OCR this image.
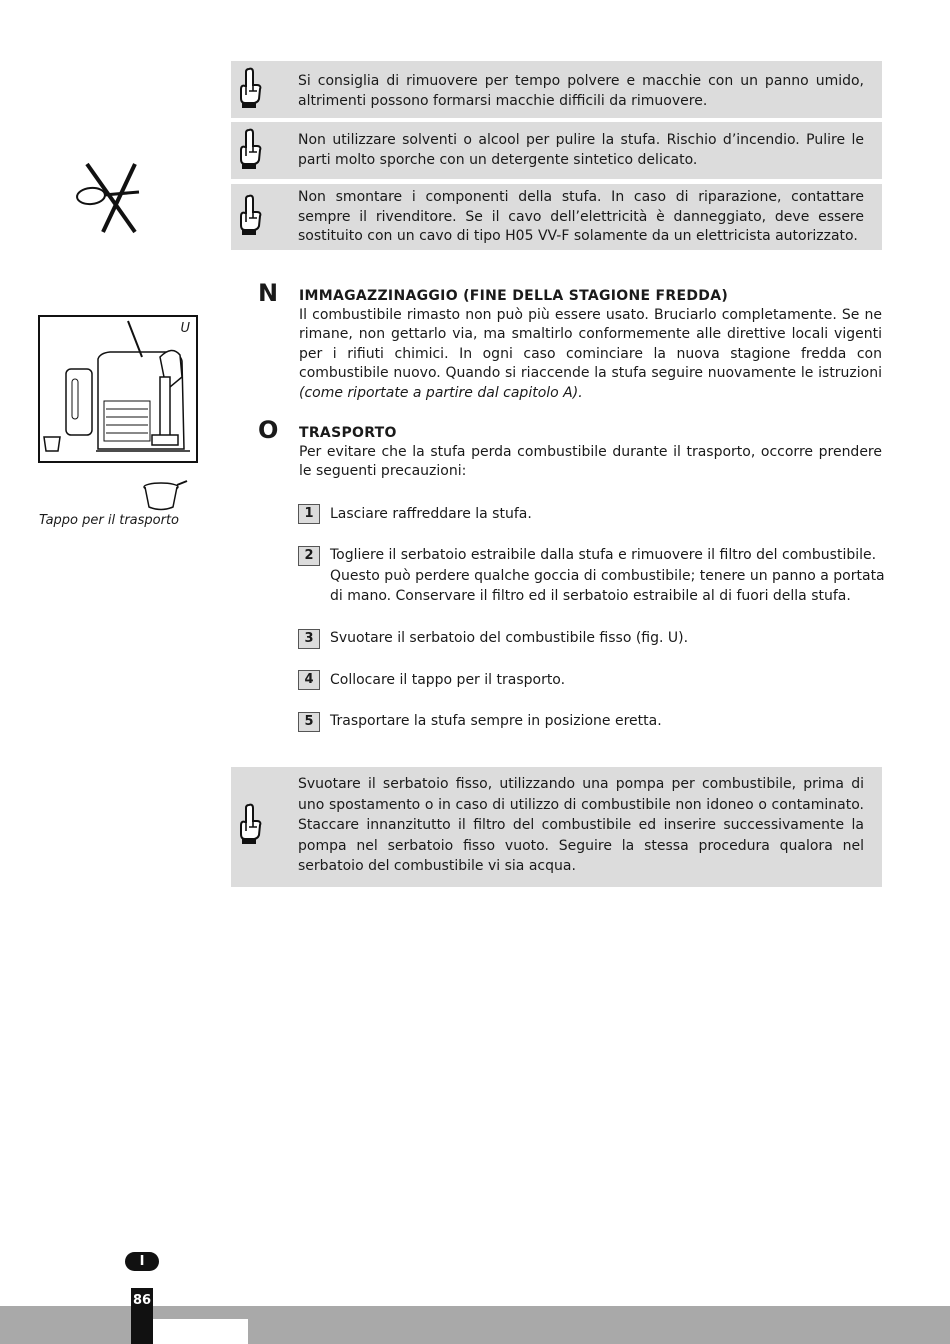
Si consiglia di rimuovere per tempo polvere e macchie con un panno umido, altrimenti possono formarsi macchie difficili da rimuovere.
Non utilizzare solventi o alcool per pulire la stufa. Rischio d’incendio. Pulire le parti molto sporche con un detergente sintetico delicato.
Non smontare i componenti della stufa. In caso di riparazione, contattare sempre il rivenditore. Se il cavo dell’elettricità è danneggiato, deve essere sostituito con un cavo di tipo H05 VV-F solamente da un elettricista autorizzato.
U
Tappo per il trasporto
N IMMAGAZZINAGGIO (FINE DELLA STAGIONE FREDDA)
Il combustibile rimasto non può più essere usato. Bruciarlo completamente. Se ne rimane, non gettarlo via, ma smaltirlo conformemente alle direttive locali vigenti per i rifiuti chimici. In ogni caso cominciare la nuova stagione fredda con combustibile nuovo. Quando si riaccende la stufa seguire nuovamente le istruzioni (come riportate a partire dal capitolo A).
O TRASPORTO
Per evitare che la stufa perda combustibile durante il trasporto, occorre prendere le seguenti precauzioni:
1	Lasciare raffreddare la stufa.
2	Togliere il serbatoio estraibile dalla stufa e rimuovere il filtro del combustibile. Questo può perdere qualche goccia di combustibile; tenere un panno a portata di mano. Conservare il filtro ed il serbatoio estraibile al di fuori della stufa.
3	Svuotare il serbatoio del combustibile fisso (fig. U).
4	Collocare il tappo per il trasporto.
5	Trasportare la stufa sempre in posizione eretta.
Svuotare il serbatoio fisso, utilizzando una pompa per combustibile, prima di uno spostamento o in caso di utilizzo di combustibile non idoneo o contaminato. Staccare innanzitutto il filtro del combustibile ed inserire successivamente la pompa nel serbatoio fisso vuoto. Seguire la stessa procedura qualora nel serbatoio del combustibile vi sia acqua.
I
86
